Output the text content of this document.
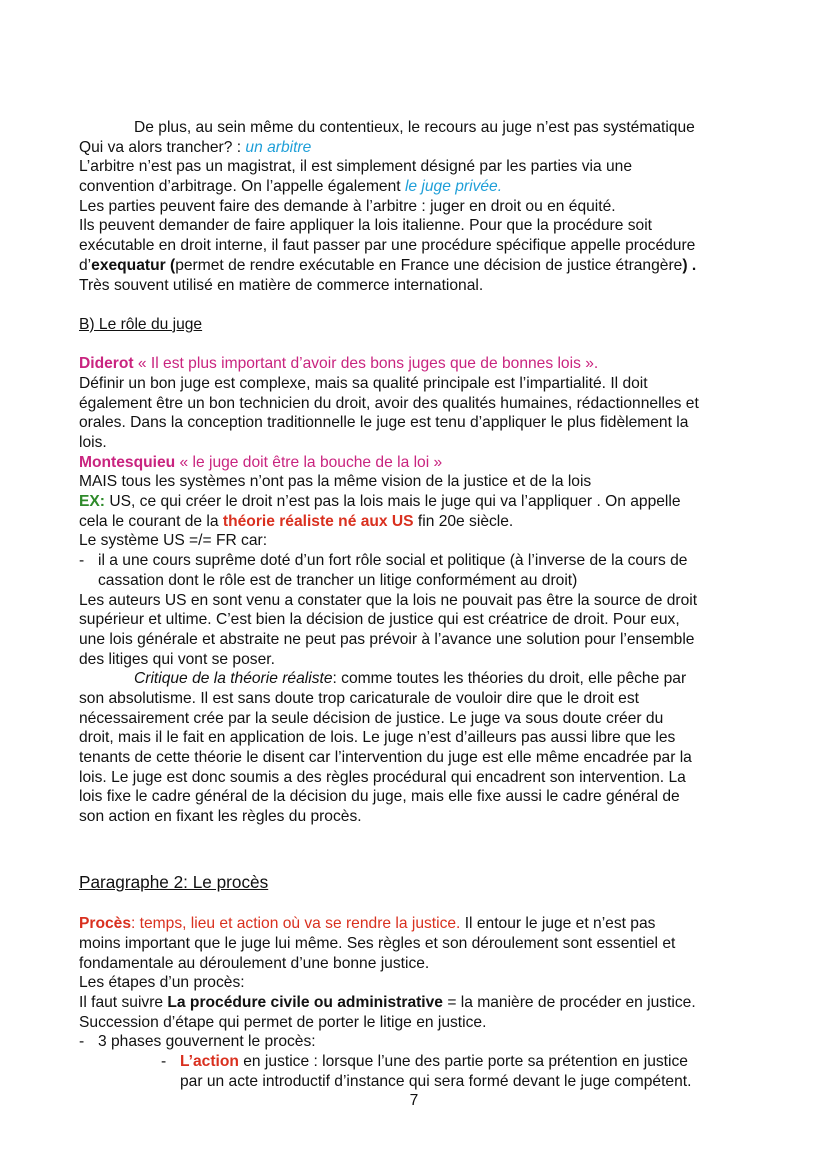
De plus, au sein même du contentieux, le recours au juge n’est pas systématique
Qui va alors trancher? : un arbitre
L’arbitre n’est pas un magistrat, il est simplement désigné par les parties via une
convention d’arbitrage. On l’appelle également le juge privée.
Les parties peuvent faire des demande à l’arbitre : juger en droit ou en équité.
Ils peuvent demander de faire appliquer la lois italienne. Pour que la procédure soit
exécutable en droit interne, il faut passer par une procédure spécifique appelle procédure
d’exequatur (permet de rendre exécutable en France une décision de justice étrangère) .
Très souvent utilisé en matière de commerce international.
B) Le rôle du juge
Diderot « Il est plus important d’avoir des bons juges que de bonnes lois ».
Définir un bon juge est complexe, mais sa qualité principale est l’impartialité. Il doit
également être un bon technicien du droit, avoir des qualités humaines, rédactionnelles et
orales. Dans la conception traditionnelle le juge est tenu d’appliquer le plus fidèlement la
lois.
Montesquieu « le juge doit être la bouche de la loi »
MAIS tous les systèmes n’ont pas la même vision de la justice et de la lois
EX: US, ce qui créer le droit n’est pas la lois mais le juge qui va l’appliquer . On appelle
cela le courant de la théorie réaliste né aux US fin 20e siècle.
Le système US =/= FR car:
- il a une cours suprême doté d’un fort rôle social et politique (à l’inverse de la cours de
cassation dont le rôle est de trancher un litige conformément au droit)
Les auteurs US en sont venu a constater que la lois ne pouvait pas être la source de droit
supérieur et ultime. C’est bien la décision de justice qui est créatrice de droit. Pour eux,
une lois générale et abstraite ne peut pas prévoir à l’avance une solution pour l’ensemble
des litiges qui vont se poser.
Critique de la théorie réaliste: comme toutes les théories du droit, elle pêche par
son absolutisme. Il est sans doute trop caricaturale de vouloir dire que le droit est
nécessairement crée par la seule décision de justice. Le juge va sous doute créer du
droit, mais il le fait en application de lois. Le juge n’est d’ailleurs pas aussi libre que les
tenants de cette théorie le disent car l’intervention du juge est elle même encadrée par la
lois. Le juge est donc soumis a des règles procédural qui encadrent son intervention. La
lois fixe le cadre général de la décision du juge, mais elle fixe aussi le cadre général de
son action en fixant les règles du procès.
Paragraphe 2: Le procès
Procès: temps, lieu et action où va se rendre la justice. Il entour le juge et n’est pas
moins important que le juge lui même. Ses règles et son déroulement sont essentiel et
fondamentale au déroulement d’une bonne justice.
Les étapes d’un procès:
Il faut suivre La procédure civile ou administrative = la manière de procéder en justice.
Succession d’étape qui permet de porter le litige en justice.
- 3 phases gouvernent le procès:
- L’action en justice : lorsque l’une des partie porte sa prétention en justice
par un acte introductif d’instance qui sera formé devant le juge compétent.
7
